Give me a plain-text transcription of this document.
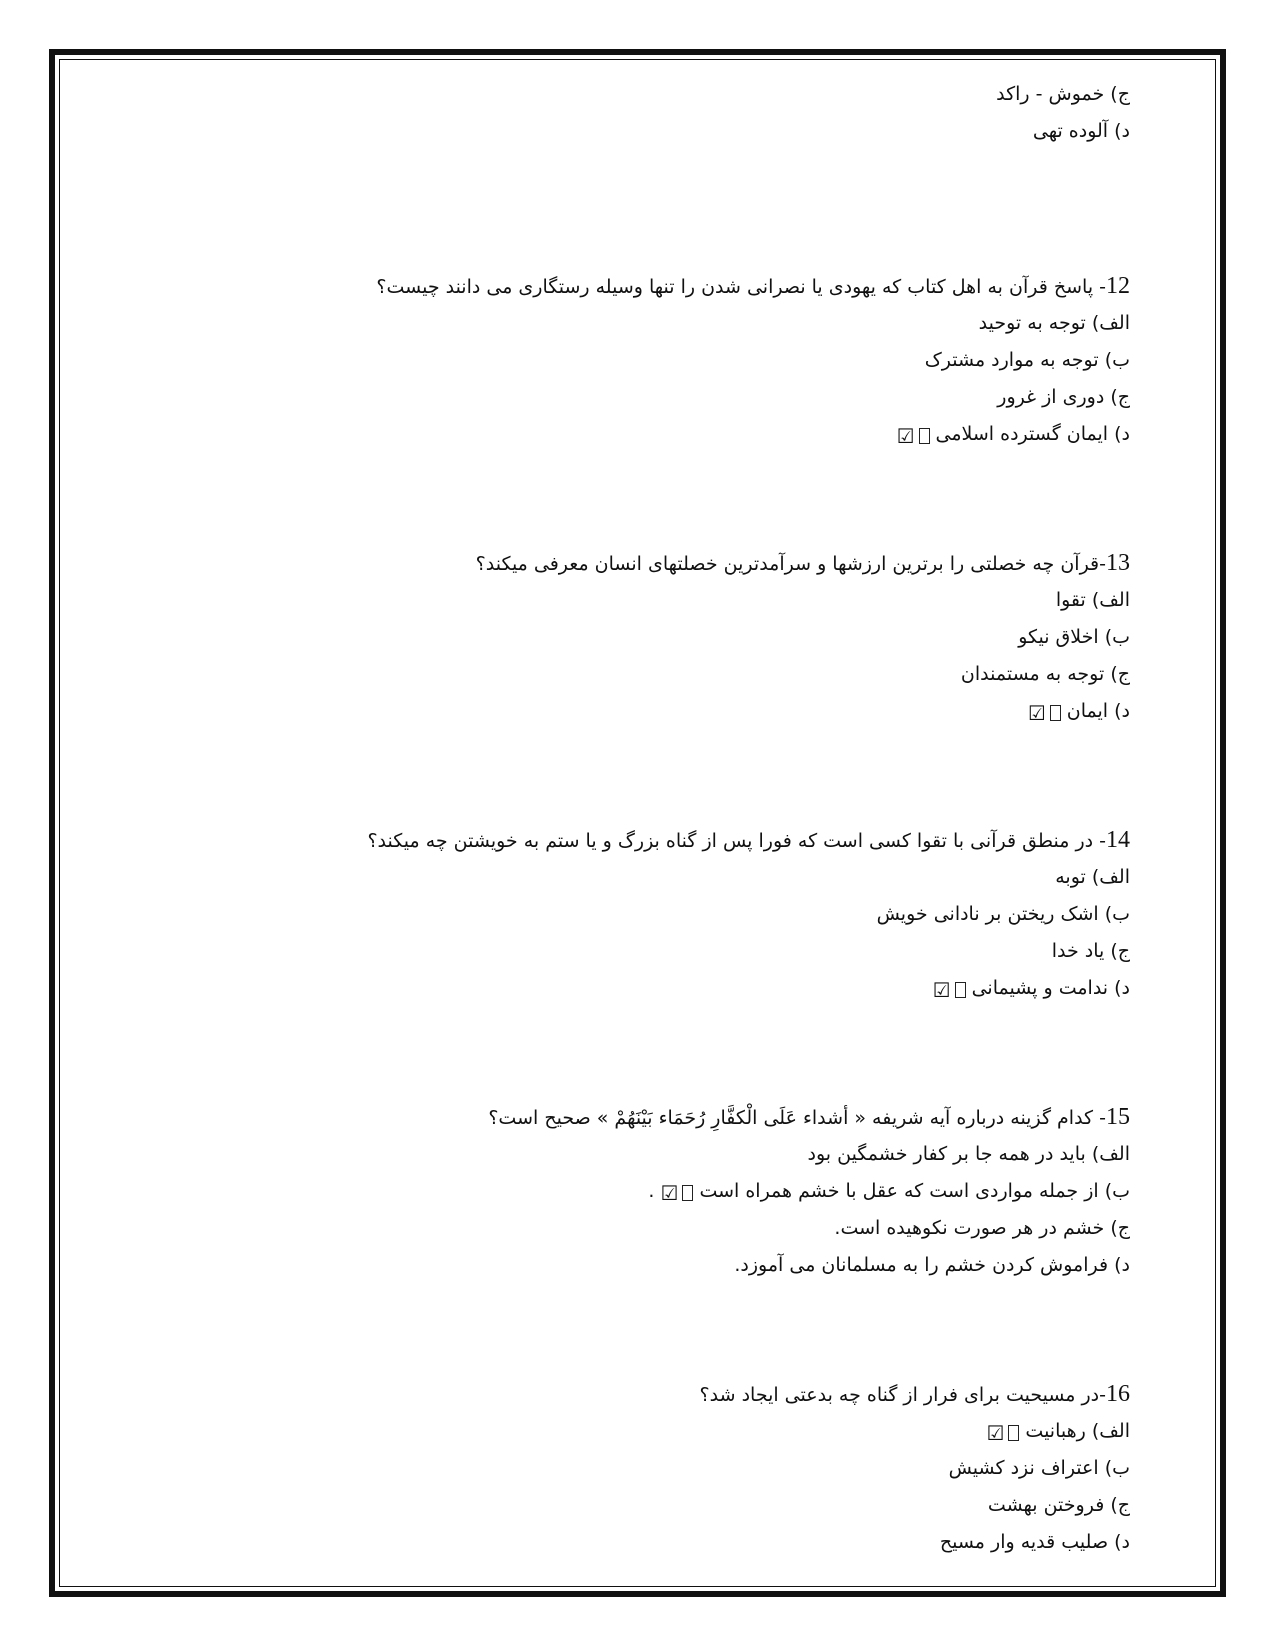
ج) خموش - راکد
د) آلوده تهی
12- پاسخ قرآن به اهل کتاب که یهودی یا نصرانی شدن را تنها وسیله رستگاری می دانند چیست؟
الف) توجه به توحید
ب) توجه به موارد مشترک
ج) دوری از غرور
د) ایمان گسترده اسلامی☑
13-قرآن چه خصلتی را برترین ارزشها و سرآمدترین خصلتهای انسان معرفی میکند؟
الف) تقوا
ب) اخلاق نیکو
ج) توجه به مستمندان
د) ایمان☑
14- در منطق قرآنی با تقوا کسی است که فورا پس از گناه بزرگ و یا ستم به خویشتن چه میکند؟
الف) توبه
ب) اشک ریختن بر نادانی خویش
ج) یاد خدا
د) ندامت و پشیمانی☑
15- کدام گزینه درباره آیه شریفه « أشداء عَلَی الْکفَّارِ رُحَمَاء بَیْنَهُمْ » صحیح است؟
الف) باید در همه جا بر کفار خشمگین بود
ب) از جمله مواردی است که عقل با خشم همراه است☑ .
ج) خشم در هر صورت نکوهیده است.
د) فراموش کردن خشم را به مسلمانان می آموزد.
16-در مسیحیت برای فرار از گناه چه بدعتی ایجاد شد؟
الف) رهبانیت☑
ب) اعتراف نزد کشیش
ج) فروختن بهشت
د) صلیب قدیه وار مسیح
